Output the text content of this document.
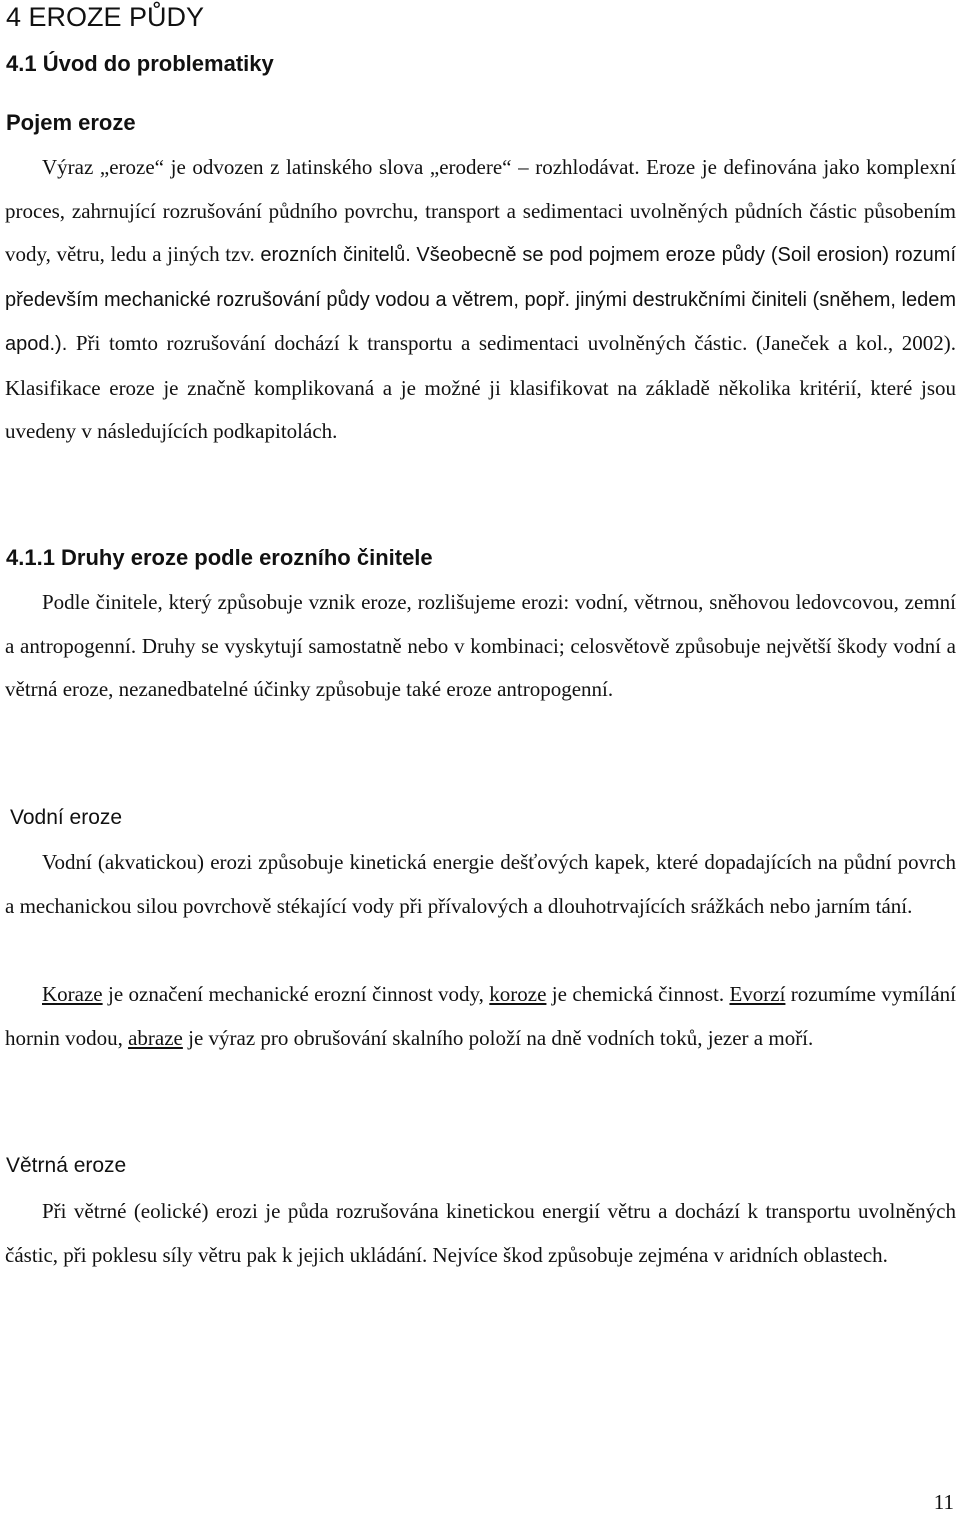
4 EROZE PŮDY
4.1 Úvod do problematiky
Pojem eroze

Výraz „eroze“ je odvozen z latinského slova „erodere“ – rozhlodávat. Eroze je definována jako komplexní proces, zahrnující rozrušování půdního povrchu, transport a sedimentaci uvolněných půdních částic působením vody, větru, ledu a jiných tzv. erozních činitelů. Všeobecně se pod pojmem eroze půdy (Soil erosion) rozumí především mechanické rozrušování půdy vodou a větrem, popř. jinými destrukčními činiteli (sněhem, ledem apod.). Při tomto rozrušování dochází k transportu a sedimentaci uvolněných částic. (Janeček a kol., 2002). Klasifikace eroze je značně komplikovaná a je možné ji klasifikovat na základě několika kritérií, které jsou uvedeny v následujících podkapitolách.

4.1.1 Druhy eroze podle erozního činitele

Podle činitele, který způsobuje vznik eroze, rozlišujeme erozi: vodní, větrnou, sněhovou ledovcovou, zemní a antropogenní. Druhy se vyskytují samostatně nebo v kombinaci; celosvětově způsobuje největší škody vodní a větrná eroze, nezanedbatelné účinky způsobuje také eroze antropogenní.

Vodní eroze

Vodní (akvatickou) erozi způsobuje kinetická energie dešťových kapek, které dopadajících na půdní povrch a mechanickou silou povrchově stékající vody při přívalových a dlouhotrvajících srážkách nebo jarním tání.

Koraze je označení mechanické erozní činnost vody, koroze je chemická činnost. Evorzí rozumíme vymílání hornin vodou, abraze je výraz pro obrušování skalního položí na dně vodních toků, jezer a moří.

Větrná eroze

Při větrné (eolické) erozi je půda rozrušována kinetickou energií větru a dochází k transportu uvolněných částic, při poklesu síly větru pak k jejich ukládání. Nejvíce škod způsobuje zejména v aridních oblastech.

11
